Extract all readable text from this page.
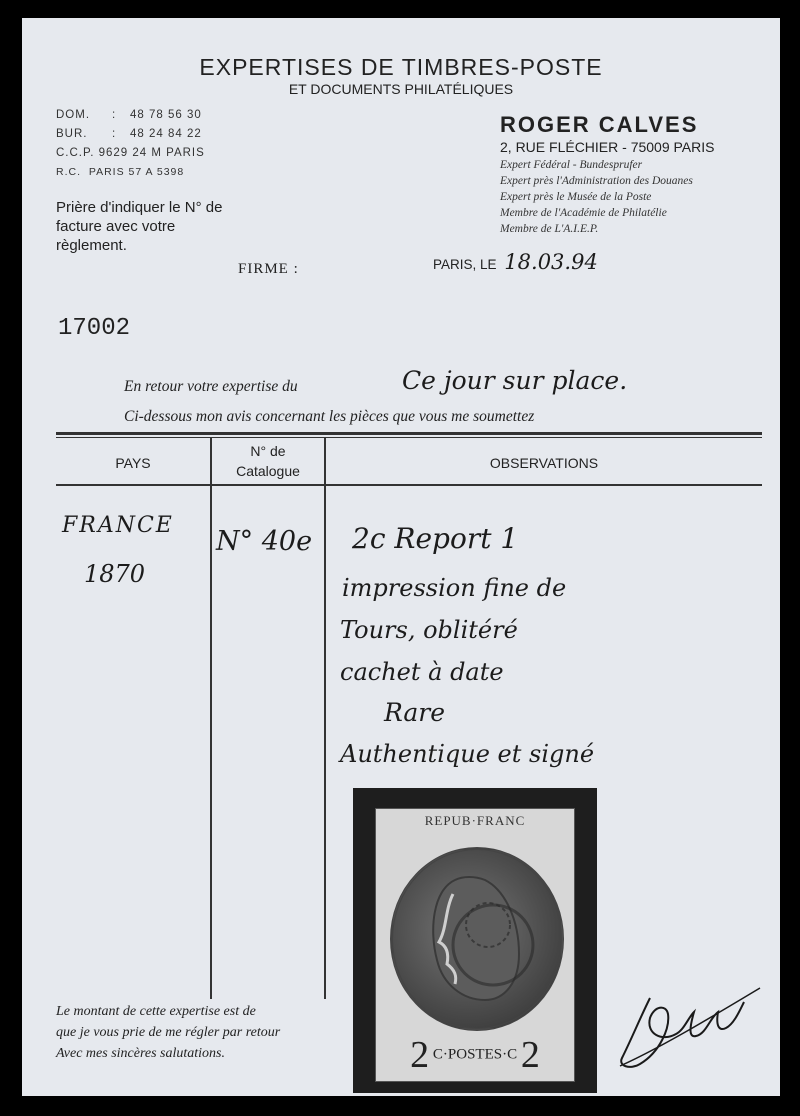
EXPERTISES DE TIMBRES-POSTE
ET DOCUMENTS PHILATÉLIQUES
DOM. : 48 78 56 30
BUR. : 48 24 84 22
C.C.P. 9629 24 M PARIS
R.C. PARIS 57 A 5398
Prière d'indiquer le N° de facture avec votre règlement.
ROGER CALVES
2, RUE FLÉCHIER - 75009 PARIS
Expert Fédéral - Bundesprufer
Expert près l'Administration des Douanes
Expert près le Musée de la Poste
Membre de l'Académie de Philatélie
Membre de L'A.I.E.P.
PARIS, LE 18.03.94
FIRME :
17002
En retour votre expertise du	Ce jour sur place.
Ci-dessous mon avis concernant les pièces que vous me soumettez
PAYS
N° de
Catalogue	OBSERVATIONS
FRANCE
1870
N° 40e 2c Report 1
impression fine de
Tours, oblitéré
cachet à date
Rare
Authentique et signé
REPUB·FRANC
2 C·POSTES·C 2
Le montant de cette expertise est de
que je vous prie de me régler par retour
Avec mes sincères salutations.
